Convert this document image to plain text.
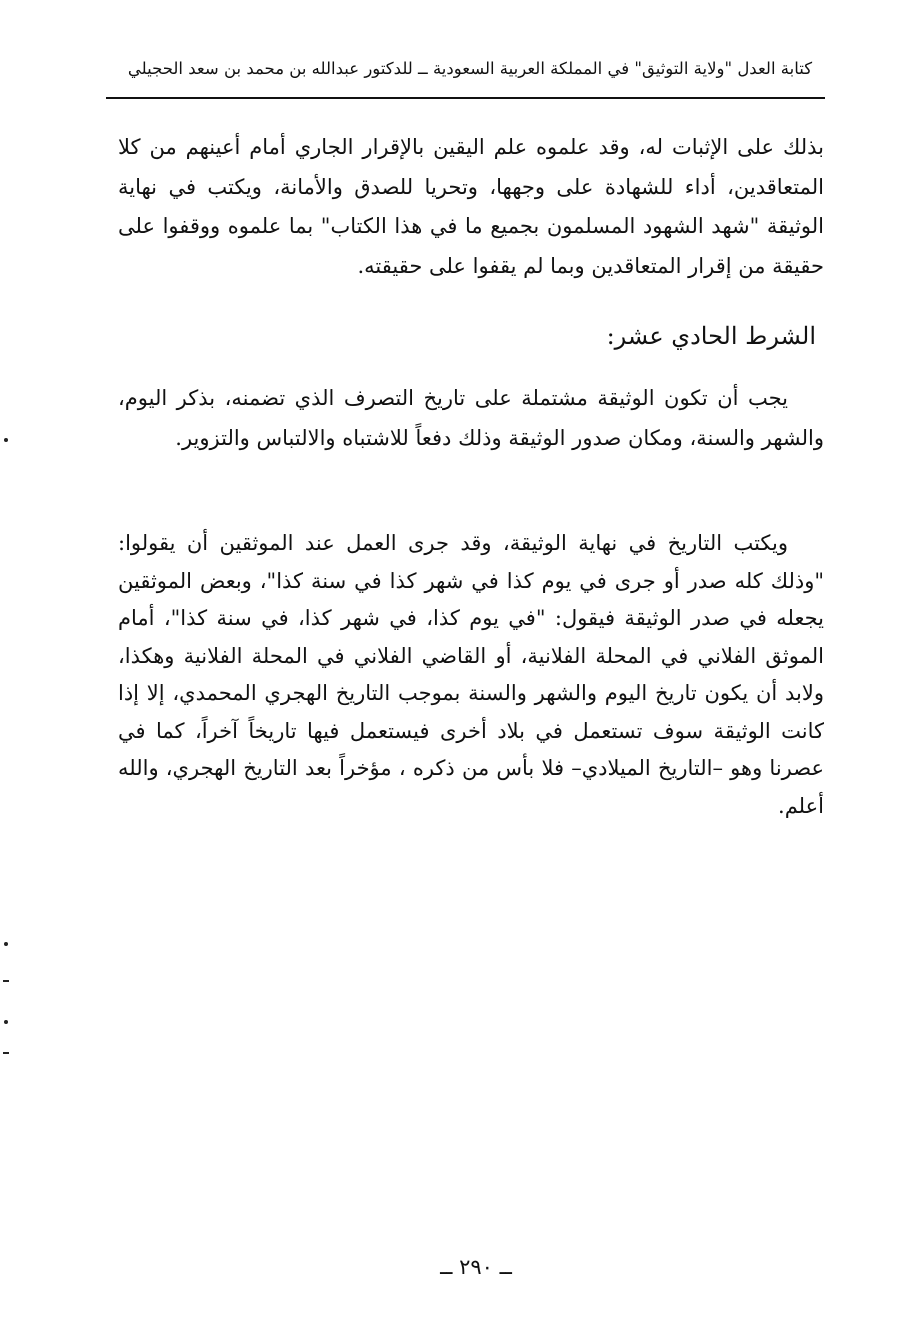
كتابة العدل "ولاية التوثيق" في المملكة العربية السعودية ــ للدكتور عبدالله بن محمد بن سعد الحجيلي

بذلك على الإثبات له، وقد علموه علم اليقين بالإقرار الجاري أمام أعينهم من كلا المتعاقدين، أداء للشهادة على وجهها، وتحريا للصدق والأمانة، ويكتب في نهاية الوثيقة "شهد الشهود المسلمون بجميع ما في هذا الكتاب" بما علموه ووقفوا على حقيقة من إقرار المتعاقدين وبما لم يقفوا على حقيقته.

الشرط الحادي عشر:

يجب أن تكون الوثيقة مشتملة على تاريخ التصرف الذي تضمنه، بذكر اليوم، والشهر والسنة، ومكان صدور الوثيقة وذلك دفعاً للاشتباه والالتباس والتزوير.

ويكتب التاريخ في نهاية الوثيقة، وقد جرى العمل عند الموثقين أن يقولوا: "وذلك كله صدر أو جرى في يوم كذا في شهر كذا في سنة كذا"، وبعض الموثقين يجعله في صدر الوثيقة فيقول: "في يوم كذا، في شهر كذا، في سنة كذا"، أمام الموثق الفلاني في المحلة الفلانية، أو القاضي الفلاني في المحلة الفلانية وهكذا، ولابد أن يكون تاريخ اليوم والشهر والسنة بموجب التاريخ الهجري المحمدي، إلا إذا كانت الوثيقة سوف تستعمل في بلاد أخرى فيستعمل فيها تاريخاً آخراً، كما في عصرنا وهو –التاريخ الميلادي– فلا بأس من ذكره ، مؤخراً بعد التاريخ الهجري، والله أعلم.

ــ ٢٩٠ ــ
